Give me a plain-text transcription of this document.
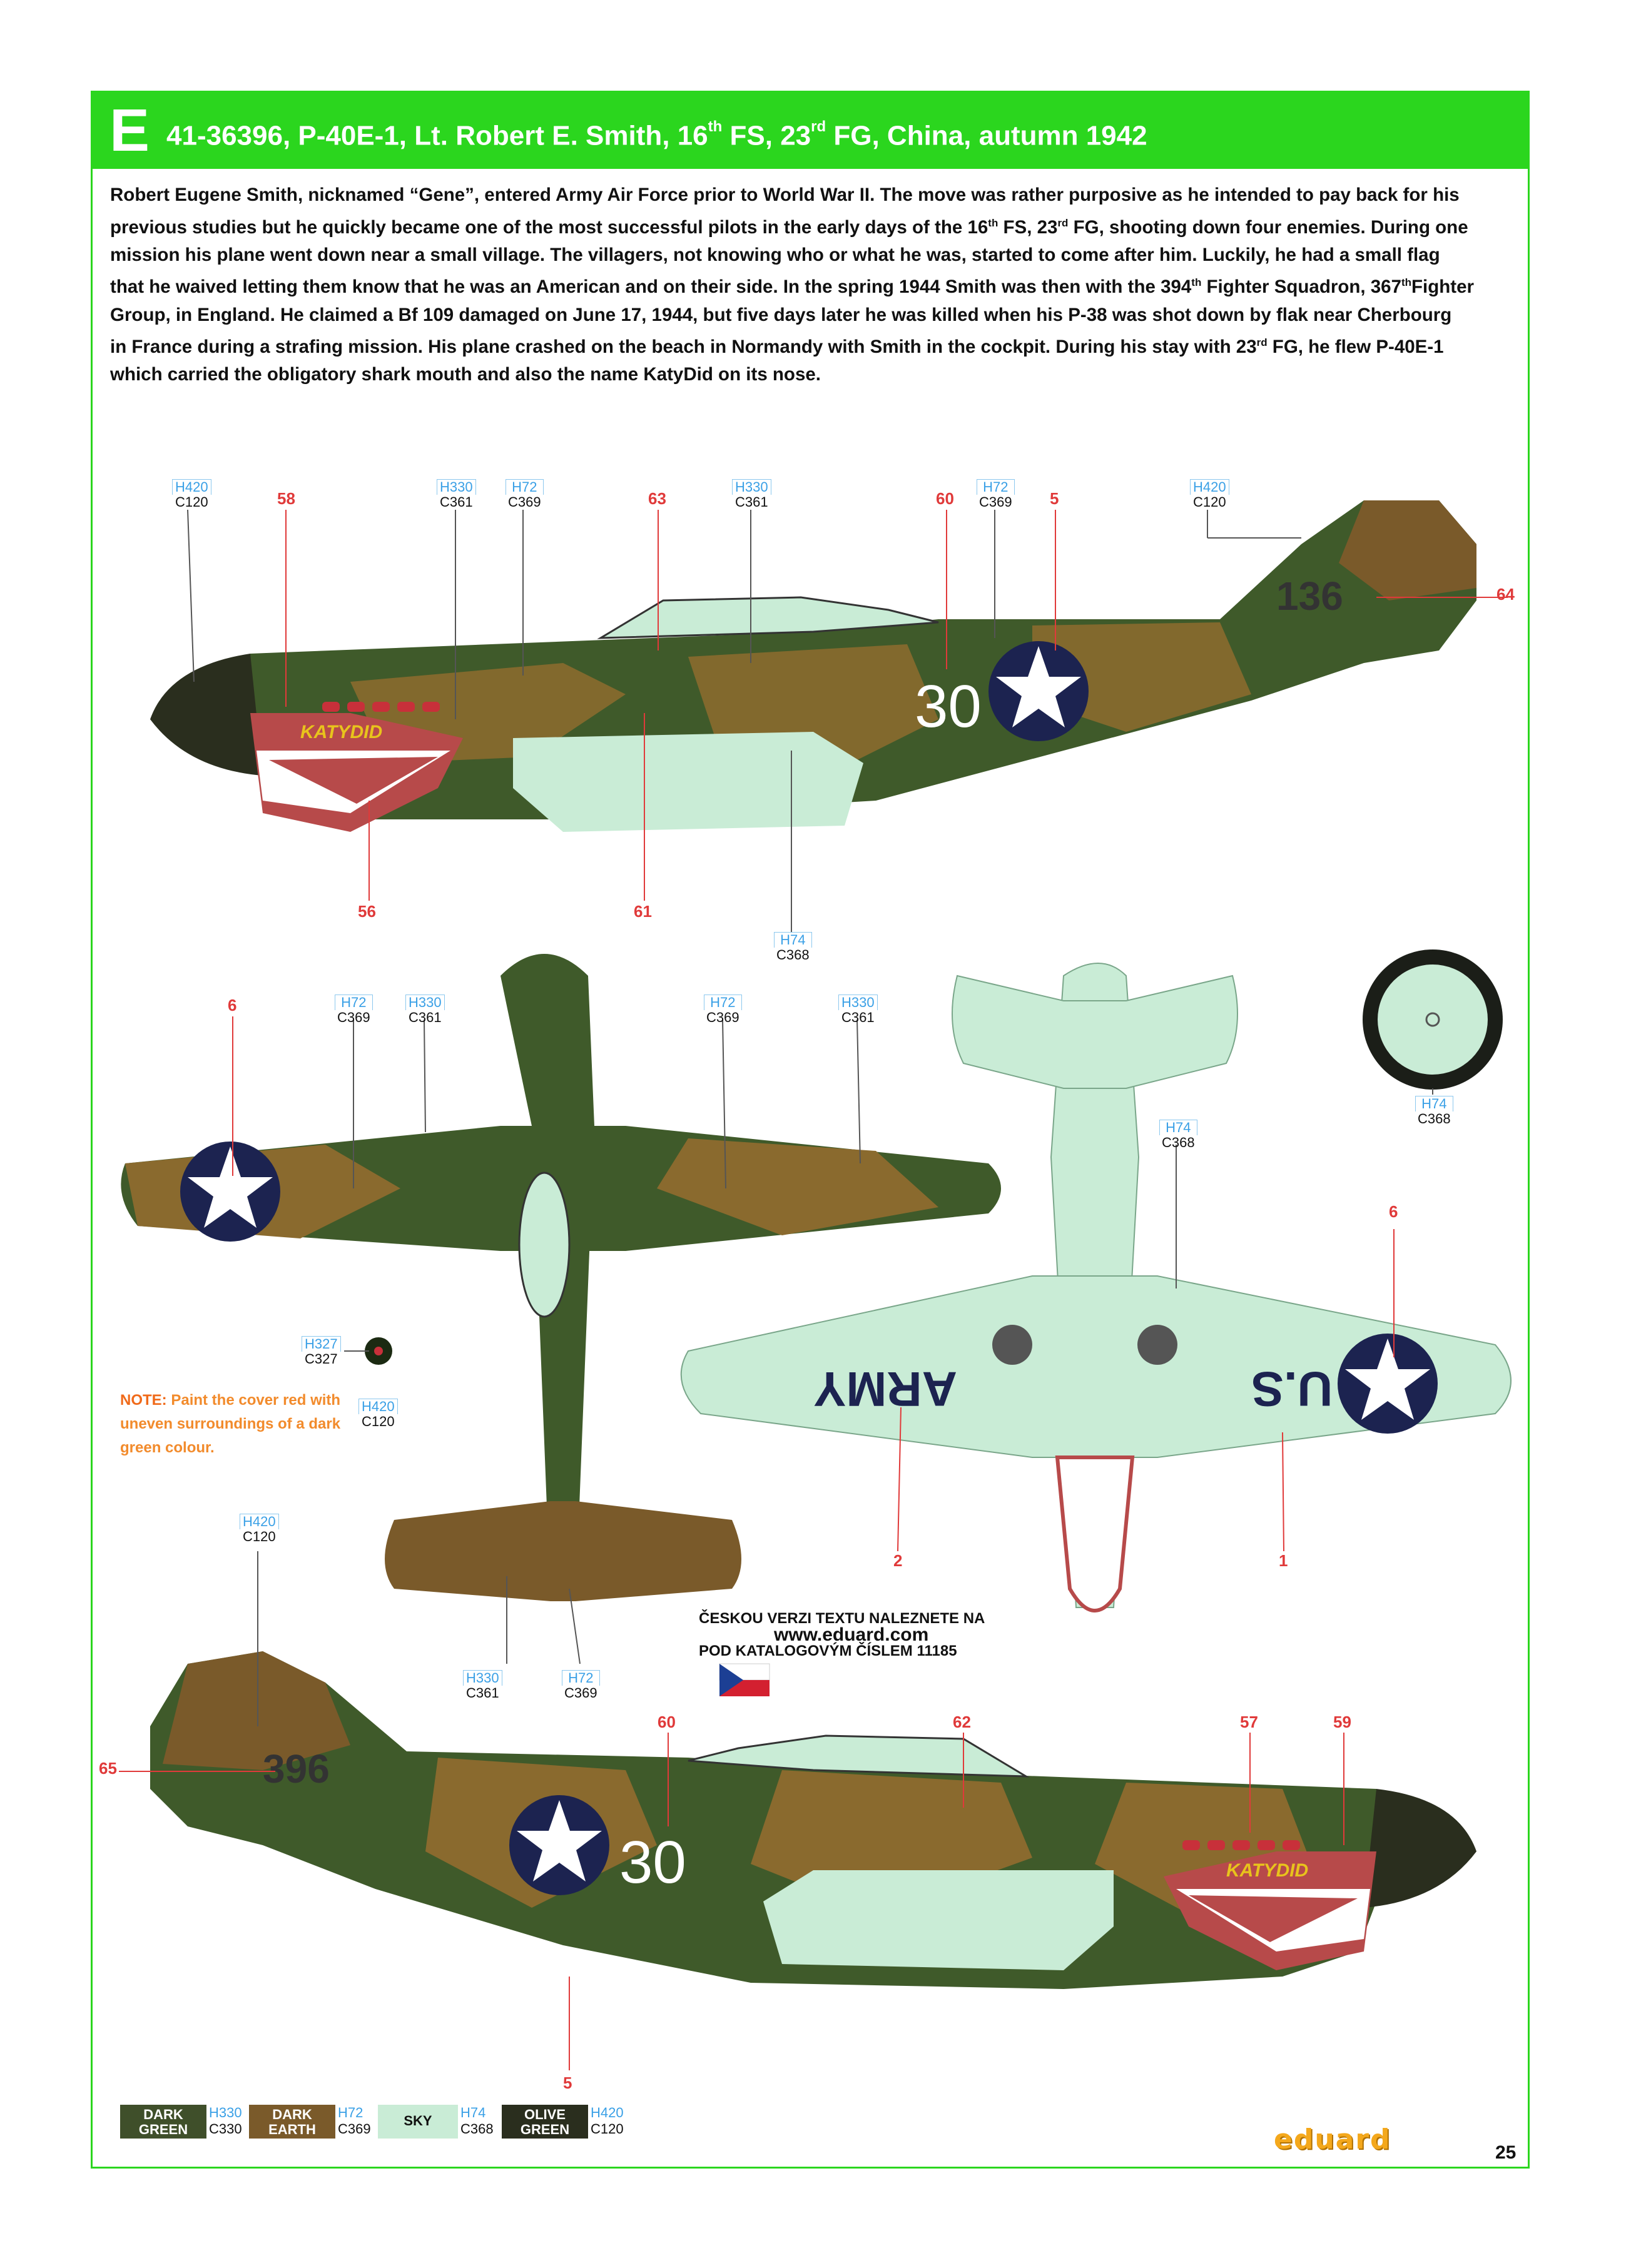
E 41-36396, P-40E-1, Lt. Robert E. Smith, 16th FS, 23rd FG, China, autumn 1942

Robert Eugene Smith, nicknamed “Gene”, entered Army Air Force prior to World War II. The move was rather purposive as he intended to pay back for his

previous studies but he quickly became one of the most successful pilots in the early days of the 16th FS, 23rd FG, shooting down four enemies. During one

mission his plane went down near a small village. The villagers, not knowing who or what he was, started to come after him. Luckily, he had a small flag

that he waived letting them know that he was an American and on their side. In the spring 1944 Smith was then with the 394th Fighter Squadron, 367thFighter

Group, in England. He claimed a Bf 109 damaged on June 17, 1944, but five days later he was killed when his P-38 was shot down by flak near Cherbourg

in France during a strafing mission. His plane crashed on the beach in Normandy with Smith in the cockpit. During his stay with 23rd FG, he flew P-40E-1

which carried the obligatory shark mouth and also the name KatyDid on its nose.

30
136
KATYDID
ARMY	U.S
30
396
KATYDID
H420
C120
H330
C361
H72
C369
H330
C361
H72
C369
H420
C120
H74
C368
H72
C369
H330
C361
H72
C369
H330
C361
H74
C368
H74
C368
H327
C327
H420
C120
H420
C120
H330
C361
H72
C369
58	63	60	5
64
56	61
6
6
2	1
65
60	62	57	59
5
NOTE: Paint the cover red with uneven surroundings of a dark green colour.
ČESKOU VERZI TEXTU NALEZNETE NA
www.eduard.com
POD KATALOGOVÝM ČÍSLEM 11185
DARK
GREEN
H330
C330
DARK
EARTH
H72
C369
SKY
H74
C368
OLIVE
GREEN
H420
C120	eduard	25
